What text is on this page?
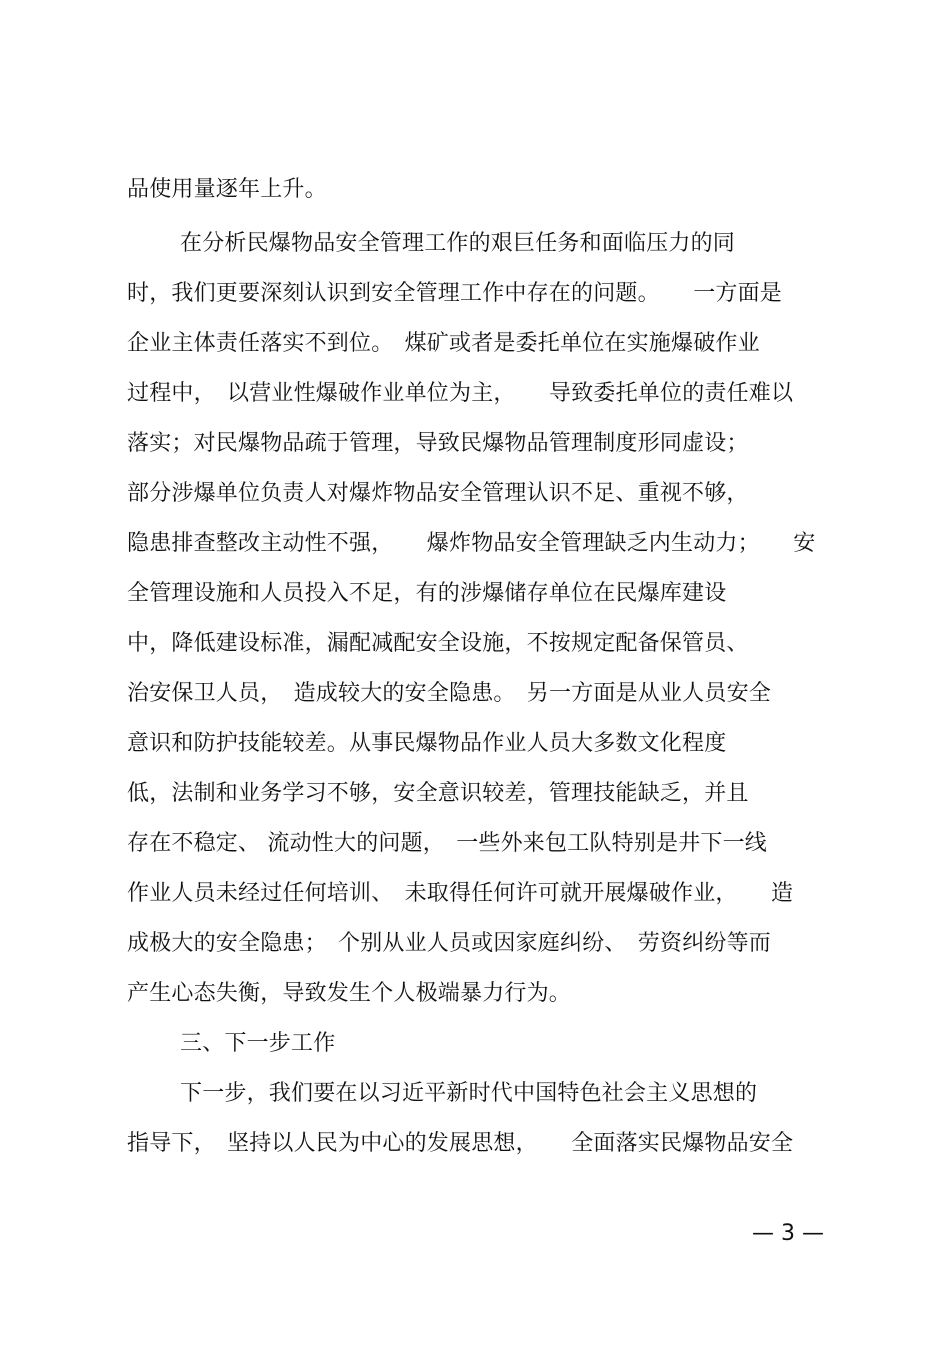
品使用量逐年上升。
在分析民爆物品安全管理工作的艰巨任务和面临压力的同
时，我们更要深刻认识到安全管理工作中存在的问题。　　一方面是
企业主体责任落实不到位。　煤矿或者是委托单位在实施爆破作业
过程中，　以营业性爆破作业单位为主，　　导致委托单位的责任难以
落实；对民爆物品疏于管理，导致民爆物品管理制度形同虚设；
部分涉爆单位负责人对爆炸物品安全管理认识不足、重视不够，
隐患排查整改主动性不强，　　爆炸物品安全管理缺乏内生动力；　　安
全管理设施和人员投入不足，有的涉爆储存单位在民爆库建设
中，降低建设标准，漏配减配安全设施，不按规定配备保管员、
治安保卫人员，　造成较大的安全隐患。　另一方面是从业人员安全
意识和防护技能较差。从事民爆物品作业人员大多数文化程度
低，法制和业务学习不够，安全意识较差，管理技能缺乏，并且
存在不稳定、 流动性大的问题，　一些外来包工队特别是井下一线
作业人员未经过任何培训、　未取得任何许可就开展爆破作业，　　造
成极大的安全隐患；　个别从业人员或因家庭纠纷、　劳资纠纷等而
产生心态失衡，导致发生个人极端暴力行为。
三、下一步工作
下一步，我们要在以习近平新时代中国特色社会主义思想的
指导下，　坚持以人民为中心的发展思想，　　全面落实民爆物品安全
— 3 —
